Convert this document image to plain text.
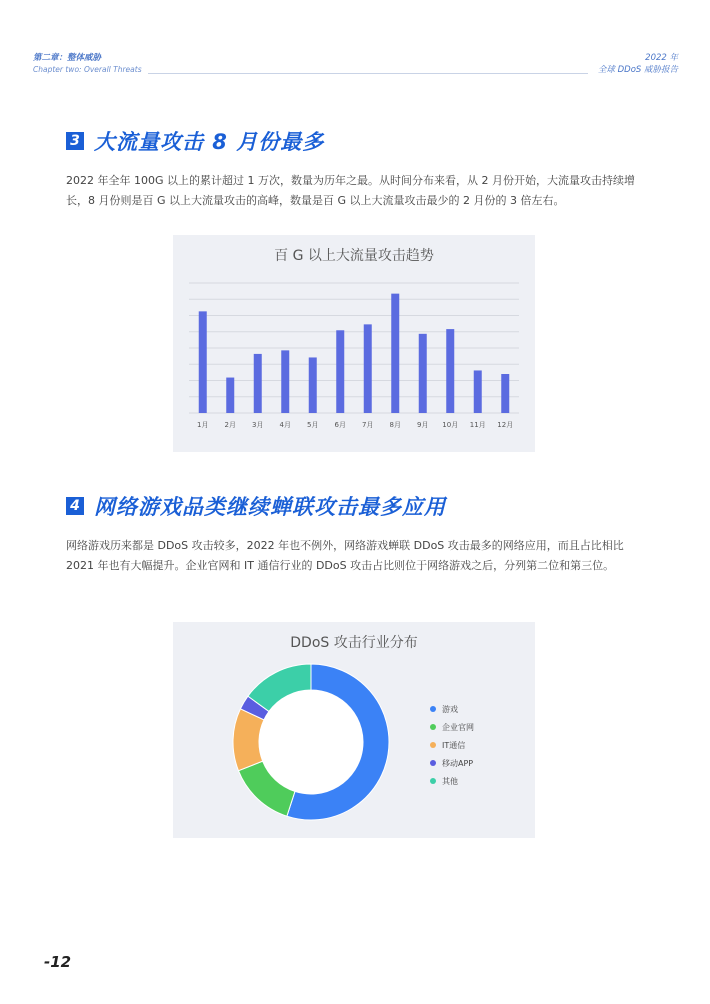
第二章：整体威胁
Chapter two: Overall Threats
2022 年
全球 DDoS 威胁报告
3 大流量攻击 8 月份最多
2022 年全年 100G 以上的累计超过 1 万次，数量为历年之最。从时间分布来看，从 2 月份开始，大流量攻击持续增长，8 月份则是百 G 以上大流量攻击的高峰，数量是百 G 以上大流量攻击最少的 2 月份的 3 倍左右。
百 G 以上大流量攻击趋势
1月 2月 3月 4月 5月 6月 7月 8月 9月 10月 11月 12月
4 网络游戏品类继续蝉联攻击最多应用
网络游戏历来都是 DDoS 攻击较多，2022 年也不例外，网络游戏蝉联 DDoS 攻击最多的网络应用，而且占比相比 2021 年也有大幅提升。企业官网和 IT 通信行业的 DDoS 攻击占比则位于网络游戏之后，分列第二位和第三位。
DDoS 攻击行业分布
游戏
企业官网
IT通信
移动APP
其他
-12
